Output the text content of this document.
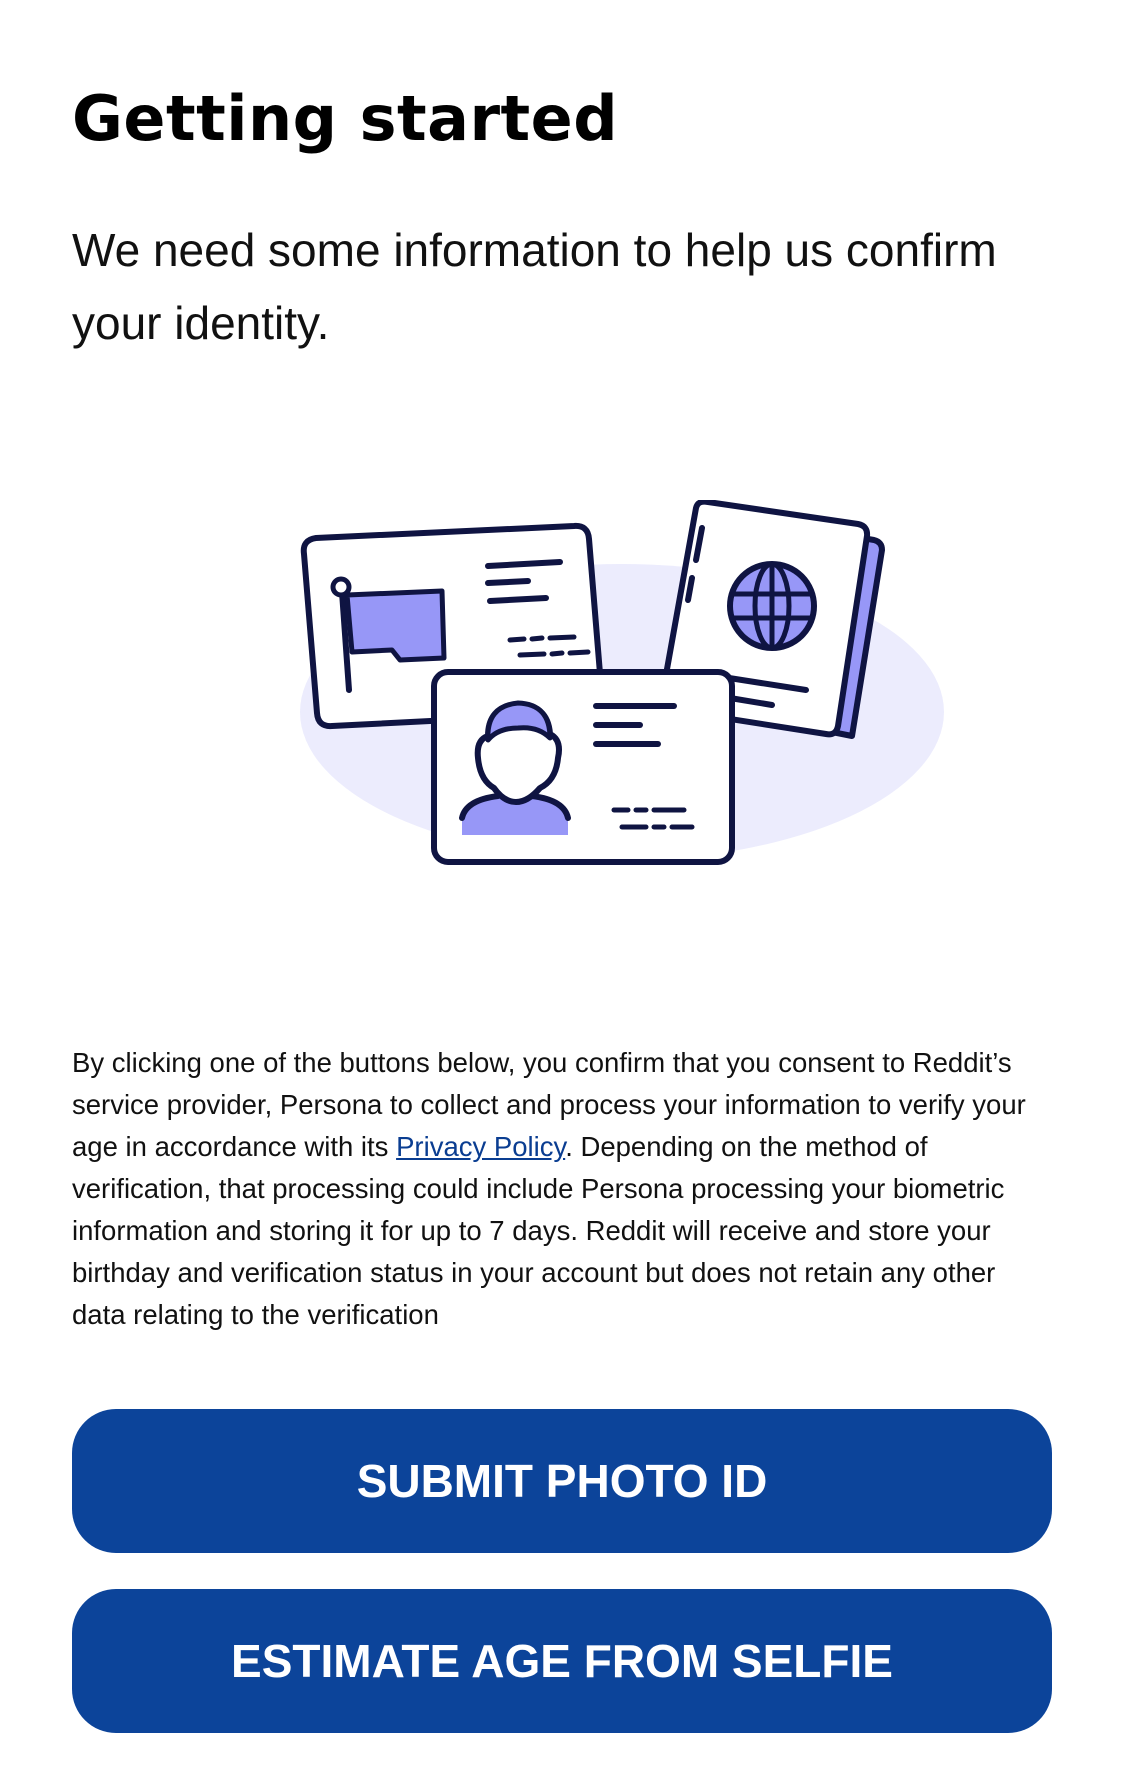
Getting started

We need some information to help us confirm your identity.

By clicking one of the buttons below, you confirm that you consent to Reddit’s service provider, Persona to collect and process your information to verify your age in accordance with its Privacy Policy. Depending on the method of verification, that processing could include Persona processing your biometric information and storing it for up to 7 days. Reddit will receive and store your birthday and verification status in your account but does not retain any other data relating to the verification

SUBMIT PHOTO ID
ESTIMATE AGE FROM SELFIE
